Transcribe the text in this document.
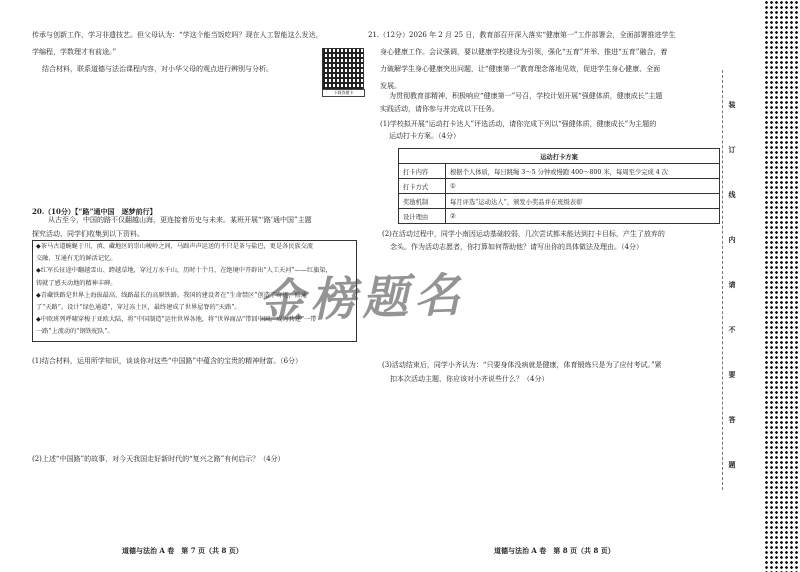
传承与创新工作，学习非遗技艺。但父母认为：“学这个能当饭吃吗？现在人工智能这么发达，
学编程，学数理才有前途。”
结合材料，联系道德与法治课程内容，对小华父母的观点进行辨别与分析。
下载答题卡
20.（10分）【“路”通中国　逐梦前行】
从古至今，中国的路不仅翻越山海，更连接着历史与未来。某班开展“‘路’通中国”主题
探究活动，同学们收集到以下资料。
◆茶马古道蜿蜒于川、滇、藏地区的崇山峻岭之间，马蹄声声运送的不只是茶与盐巴，更是各民族交流
交融、互通有无的鲜活记忆。
◆红军长征途中翻越雪山、跨越草地，穿过万水千山，历时十个月，在绝境中开辟出“人工天河”——红旗渠，
铸就了感天动地的精神丰碑。
◆青藏铁路是世界上海拔最高、线路最长的高原铁路。我国的建设者在“生命禁区”创造了奇迹，修通
了“天路”。设计“绿色通道”，穿过冻土区，最终建成了世界屋脊的“天路”。
◆中欧班列呼啸穿梭于亚欧大陆，将“中国制造”运往世界各地，将“世界商品”带回中国，成为共建“一带
一路”上流动的“钢铁驼队”。
(1)结合材料，运用所学知识，谈谈你对这些“中国路”中蕴含的宝贵的精神财富。（6分）
(2)上述“中国路”的故事，对今天我国走好新时代的“复兴之路”有何启示？（4分）
道德与法治 A 卷　第 7 页（共 8 页）
21.（12分）2026 年 2 月 25 日，教育部召开深入落实“健康第一”工作部署会，全面部署推进学生
身心健康工作。会议强调，要以健康学校建设为引领，强化“五育”并举、推进“五育”融合，着
力破解学生身心健康突出问题，让“健康第一”教育理念落地见效，促进学生身心健康、全面
发展。
为贯彻教育部精神，积极响应“健康第一”号召，学校计划开展“强健体质，健康成长”主题
实践活动，请你参与并完成以下任务。
(1)学校拟开展“运动打卡达人”评选活动，请你完成下列以“强健体质，健康成长”为主题的
运动打卡方案。（4分）
运动打卡方案	
打卡内容	根据个人体质，每日跳绳 3～5 分钟或慢跑 400～800 米，每周至少完成 4 次
打卡方式	①
奖励机制	每月评选“运动达人”，颁发小奖品并在班级表彰
设计理由	②
(2)在活动过程中，同学小南因运动基础较弱，几次尝试都未能达到打卡目标，产生了放弃的
念头。作为活动志愿者，你打算如何帮助他？请写出你的具体做法及理由。（4分）
(3)活动结束后，同学小齐认为：“只要身体没病就是健康，体育锻炼只是为了应付考试。”紧
扣本次活动主题，你应该对小齐说些什么？（4分）
道德与法治 A 卷　第 8 页（共 8 页）
装
订
线
内
请
不
要
答
题
金榜题名
